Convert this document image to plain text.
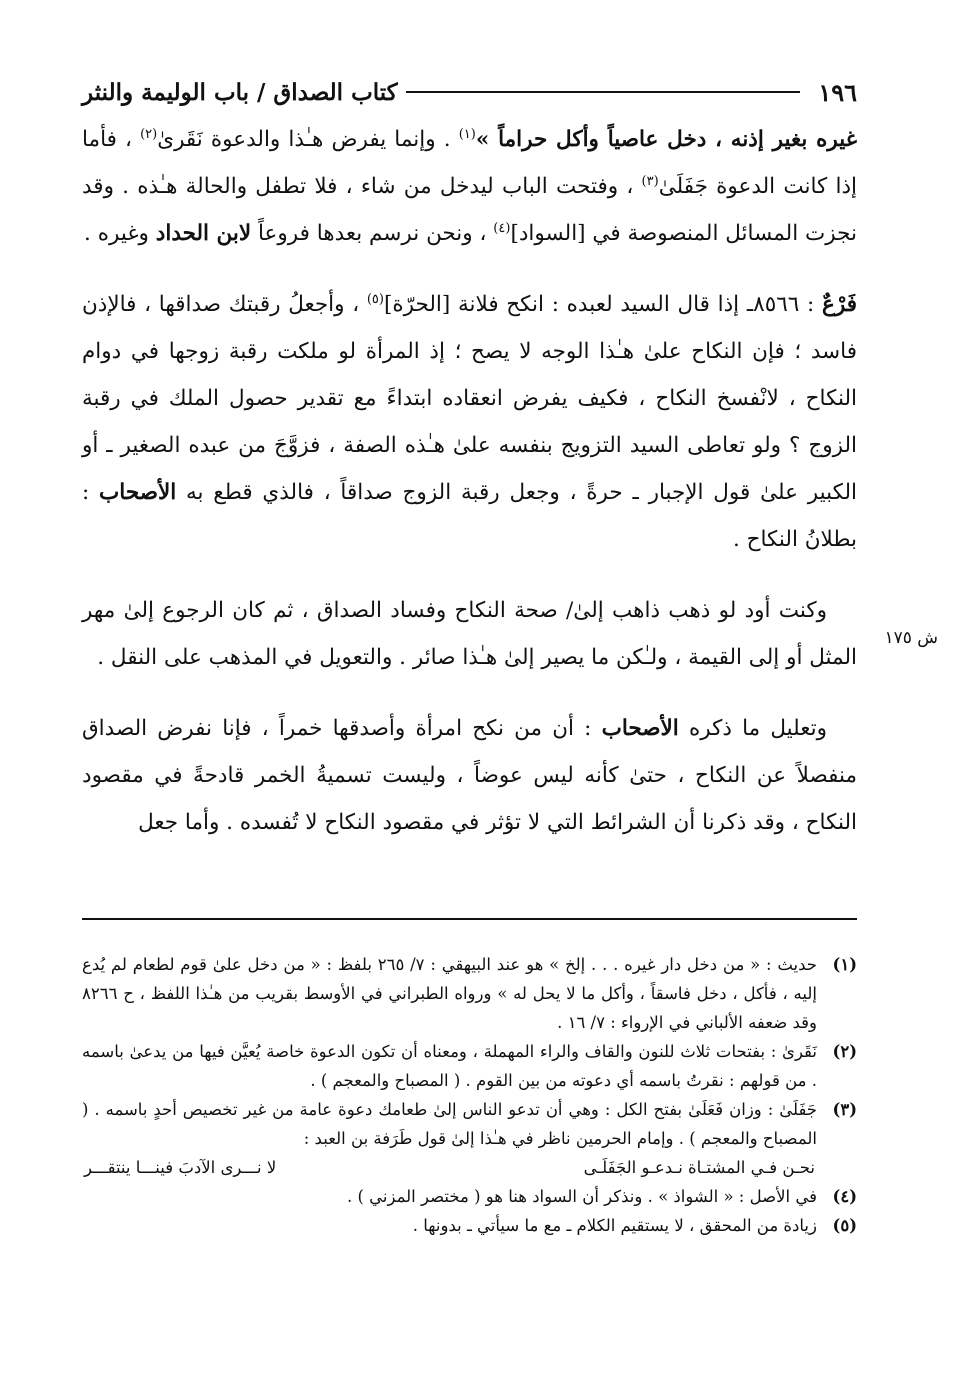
١٩٦
كتاب الصداق / باب الوليمة والنثر
ش ١٧٥

غيره بغير إذنه ، دخل عاصياً وأكل حراماً »$^{(١)}$ . وإنما يفرض هـٰذا والدعوة نَقَرىٰ$^{(٢)}$ ، فأما إذا كانت الدعوة جَفَلَىٰ$^{(٣)}$ ، وفتحت الباب ليدخل من شاء ، فلا تطفل والحالة هـٰذه . وقد نجزت المسائل المنصوصة في [السواد]$^{(٤)}$ ، ونحن نرسم بعدها فروعاً لابن الحداد وغيره .

فَرْعٌ : ٨٥٦٦ـ إذا قال السيد لعبده : انكح فلانة [الحرّة]$^{(٥)}$ ، وأجعلُ رقبتك صداقها ، فالإذن فاسد ؛ فإن النكاح علىٰ هـٰذا الوجه لا يصح ؛ إذ المرأة لو ملكت رقبة زوجها في دوام النكاح ، لانْفسخ النكاح ، فكيف يفرض انعقاده ابتداءً مع تقدير حصول الملك في رقبة الزوج ؟ ولو تعاطى السيد التزويج بنفسه علىٰ هـٰذه الصفة ، فزوَّجَ من عبده الصغير ـ أو الكبير علىٰ قول الإجبار ـ حرةً ، وجعل رقبة الزوج صداقاً ، فالذي قطع به الأصحاب : بطلانُ النكاح .

وكنت أود لو ذهب ذاهب إلىٰ/ صحة النكاح وفساد الصداق ، ثم كان الرجوع إلىٰ مهر المثل أو إلى القيمة ، ولـٰكن ما يصير إلىٰ هـٰذا صائر . والتعويل في المذهب على النقل .

وتعليل ما ذكره الأصحاب : أن من نكح امرأة وأصدقها خمراً ، فإنا نفرض الصداق منفصلاً عن النكاح ، حتىٰ كأنه ليس عوضاً ، وليست تسميةُ الخمر قادحةً في مقصود النكاح ، وقد ذكرنا أن الشرائط التي لا تؤثر في مقصود النكاح لا تُفسده . وأما جعل

(١)
حديث : « من دخل دار غيره . . . إلخ » هو عند البيهقي : ٧/ ٢٦٥ بلفظ : « من دخل علىٰ قوم لطعام لم يُدع إليه ، فأكل ، دخل فاسقاً ، وأكل ما لا يحل له » ورواه الطبراني في الأوسط بقريب من هـٰذا اللفظ ، ح ٨٢٦٦ وقد ضعفه الألباني في الإرواء : ٧/ ١٦ .
(٢)
نَقَرىٰ : بفتحات ثلاث للنون والقاف والراء المهملة ، ومعناه أن تكون الدعوة خاصة يُعيَّن فيها من يدعىٰ باسمه . من قولهم : نقرتُ باسمه أي دعوته من بين القوم . ( المصباح والمعجم ) .
(٣)
جَفَلَىٰ : وزان فَعَلَىٰ بفتح الكل : وهي أن تدعو الناس إلىٰ طعامك دعوة عامة من غير تخصيص أحدٍ باسمه . ( المصباح والمعجم ) . وإمام الحرمين ناظر في هـٰذا إلىٰ قول طَرَفة بن العبد :
نحـن فـي المشتـاة نـدعـو الجَفَلَـى
لا نـــرى الآدبَ فينـــا ينتقـــر
(٤)
في الأصل : « الشواذ » . ونذكر أن السواد هنا هو ( مختصر المزني ) .
(٥)
زيادة من المحقق ، لا يستقيم الكلام ـ مع ما سيأتي ـ بدونها .
